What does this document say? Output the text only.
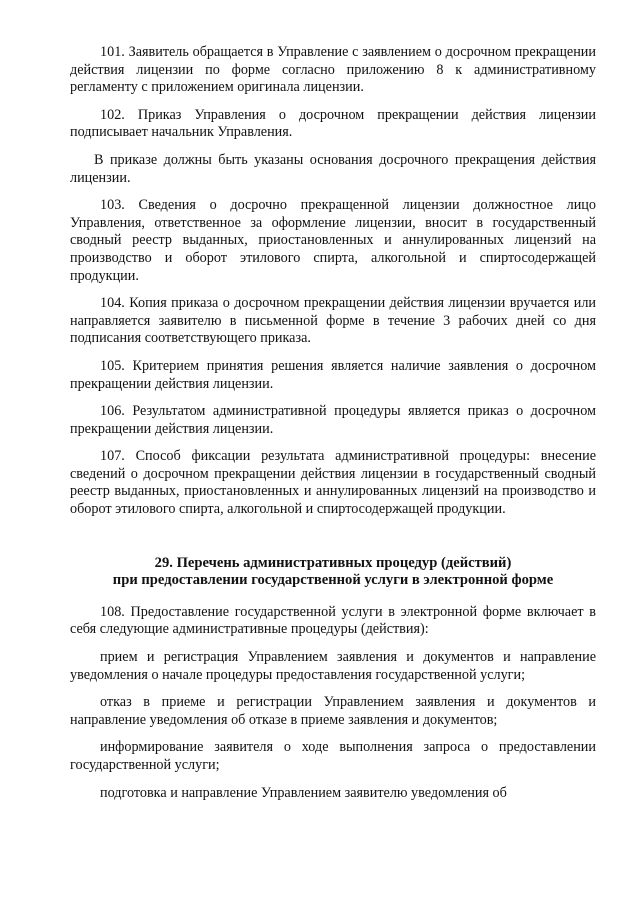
101. Заявитель обращается в Управление с заявлением о досрочном прекращении действия лицензии по форме согласно приложению 8 к административному регламенту с приложением оригинала лицензии.

102. Приказ Управления о досрочном прекращении действия лицензии подписывает начальник Управления.

В приказе должны быть указаны основания досрочного прекращения действия лицензии.

103. Сведения о досрочно прекращенной лицензии должностное лицо Управления, ответственное за оформление лицензии, вносит в государственный сводный реестр выданных, приостановленных и аннулированных лицензий на производство и оборот этилового спирта, алкогольной и спиртосодержащей продукции.

104. Копия приказа о досрочном прекращении действия лицензии вручается или направляется заявителю в письменной форме в течение 3 рабочих дней со дня подписания соответствующего приказа.

105. Критерием принятия решения является наличие заявления о досрочном прекращении действия лицензии.

106. Результатом административной процедуры является приказ о досрочном прекращении действия лицензии.

107. Способ фиксации результата административной процедуры: внесение сведений о досрочном прекращении действия лицензии в государственный сводный реестр выданных, приостановленных и аннулированных лицензий на производство и оборот этилового спирта, алкогольной и спиртосодержащей продукции.

29. Перечень административных процедур (действий)
при предоставлении государственной услуги в электронной форме

108. Предоставление государственной услуги в электронной форме включает в себя следующие административные процедуры (действия):

прием и регистрация Управлением заявления и документов и направление уведомления о начале процедуры предоставления государственной услуги;

отказ в приеме и регистрации Управлением заявления и документов и направление уведомления об отказе в приеме заявления и документов;

информирование заявителя о ходе выполнения запроса о предоставлении государственной услуги;

подготовка и направление Управлением заявителю уведомления об
